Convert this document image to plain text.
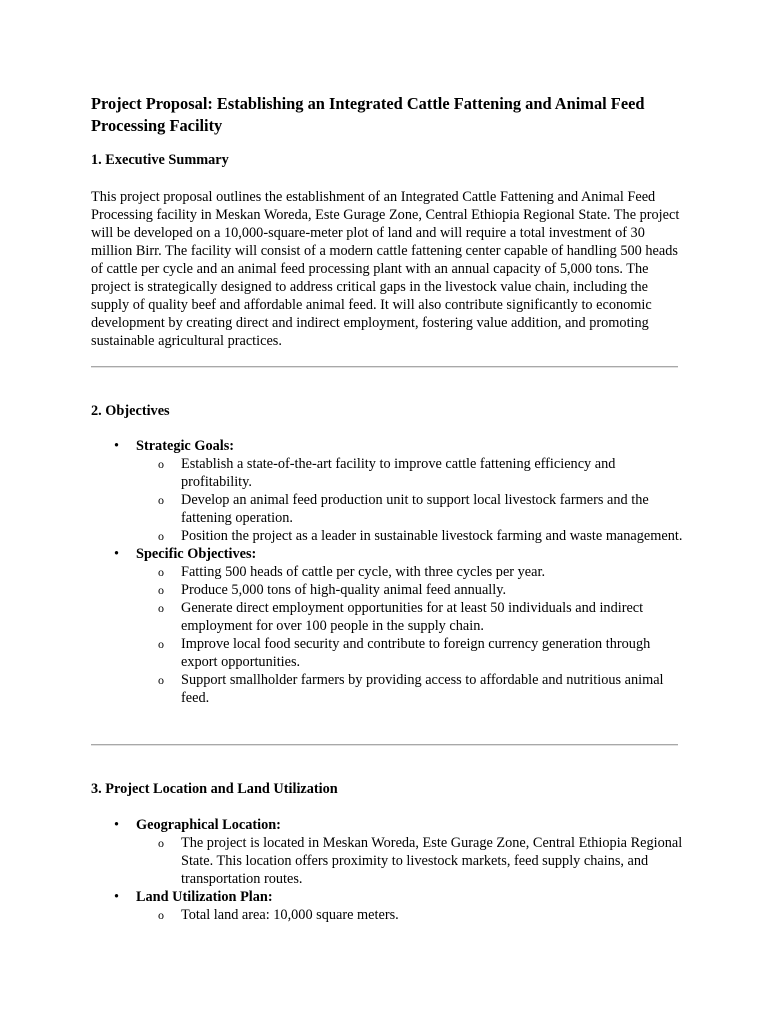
Project Proposal: Establishing an Integrated Cattle Fattening and Animal Feed Processing Facility
1. Executive Summary

This project proposal outlines the establishment of an Integrated Cattle Fattening and Animal Feed Processing facility in Meskan Woreda, Este Gurage Zone, Central Ethiopia Regional State. The project will be developed on a 10,000-square-meter plot of land and will require a total investment of 30 million Birr. The facility will consist of a modern cattle fattening center capable of handling 500 heads of cattle per cycle and an animal feed processing plant with an annual capacity of 5,000 tons. The project is strategically designed to address critical gaps in the livestock value chain, including the supply of quality beef and affordable animal feed. It will also contribute significantly to economic development by creating direct and indirect employment, fostering value addition, and promoting sustainable agricultural practices.

2. Objectives
• Strategic Goals:
o Establish a state-of-the-art facility to improve cattle fattening efficiency and profitability.
o Develop an animal feed production unit to support local livestock farmers and the fattening operation.
o Position the project as a leader in sustainable livestock farming and waste management.
• Specific Objectives:
o Fatting 500 heads of cattle per cycle, with three cycles per year.
o Produce 5,000 tons of high-quality animal feed annually.
o Generate direct employment opportunities for at least 50 individuals and indirect employment for over 100 people in the supply chain.
o Improve local food security and contribute to foreign currency generation through export opportunities.
o Support smallholder farmers by providing access to affordable and nutritious animal feed.
3. Project Location and Land Utilization
• Geographical Location:
o The project is located in Meskan Woreda, Este Gurage Zone, Central Ethiopia Regional State. This location offers proximity to livestock markets, feed supply chains, and transportation routes.
• Land Utilization Plan:
o Total land area: 10,000 square meters.
